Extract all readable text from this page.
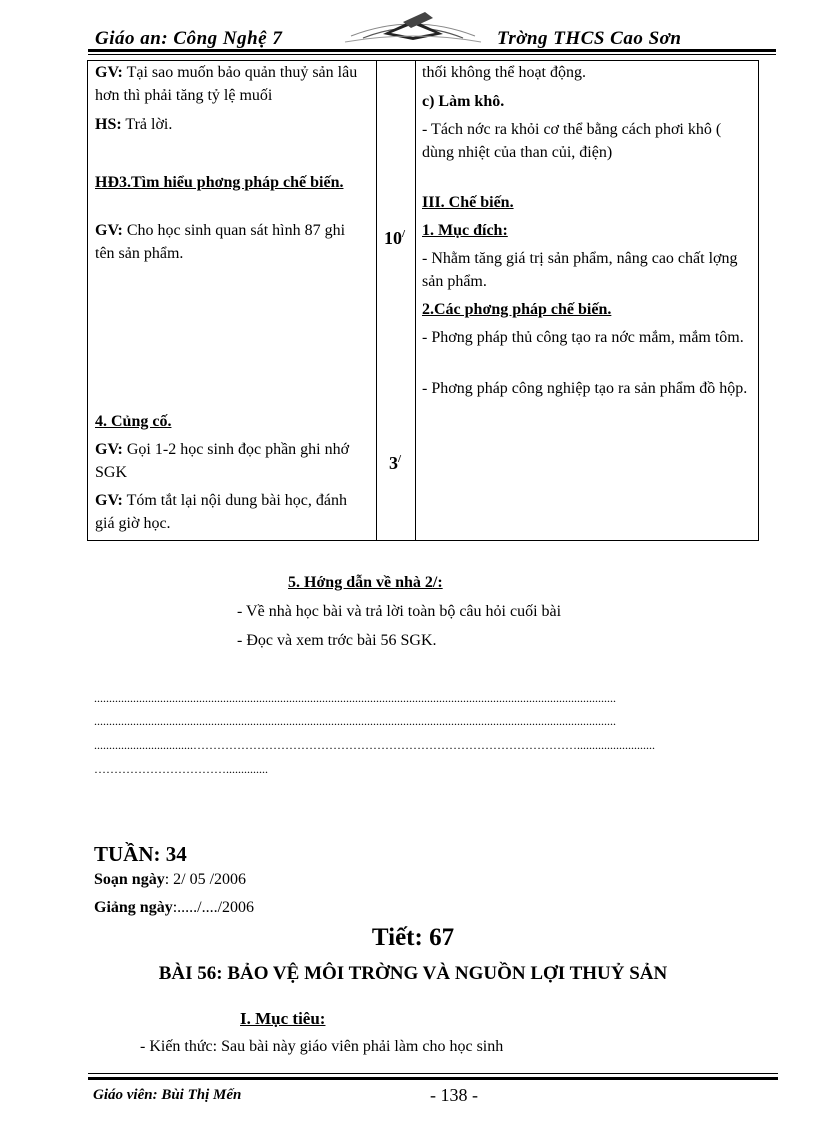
Giáo an: Công Nghệ 7	Trờng THCS Cao Sơn
GV: Tại sao muốn bảo quản thuỷ sản lâu hơn thì phải tăng tỷ lệ muối
HS: Trả lời.
HĐ3.Tìm hiểu phơng pháp chế biến.
GV: Cho học sinh quan sát hình 87 ghi tên sản phẩm.
4. Củng cố.
GV: Gọi 1-2 học sinh đọc phần ghi nhớ SGK
GV: Tóm tắt lại nội dung bài học, đánh giá giờ học.
10/
3/
thối không thể hoạt động.
c) Làm khô.
- Tách nớc ra khỏi cơ thể bằng cách phơi khô ( dùng nhiệt của than củi, điện)
III. Chế biến.
1. Mục đích:
- Nhằm tăng giá trị sản phẩm, nâng cao chất lợng sản phẩm.
2.Các phơng pháp chế biến.
- Phơng pháp thủ công tạo ra nớc mắm, mắm tôm.
- Phơng pháp công nghiệp tạo ra sản phẩm đồ hộp.
5. Hớng dẫn về nhà 2/:
- Về nhà học bài và trả lời toàn bộ câu hỏi cuối bài
- Đọc và xem trớc bài 56 SGK.
..............................................................................................................................................................................
..............................................................................................................................................................................
.................................……………………………………………………………………………………..........................
……………………………..............
TUẦN: 34
Soạn ngày: 2/ 05 /2006
Giảng ngày:...../..../2006
Tiết: 67
BÀI 56: BẢO VỆ MÔI TRỜNG VÀ NGUỒN LỢI THUỶ SẢN
I. Mục tiêu:
- Kiến thức: Sau bài này giáo viên phải làm cho học sinh
Giáo viên: Bùi Thị Mến	- 138 -
